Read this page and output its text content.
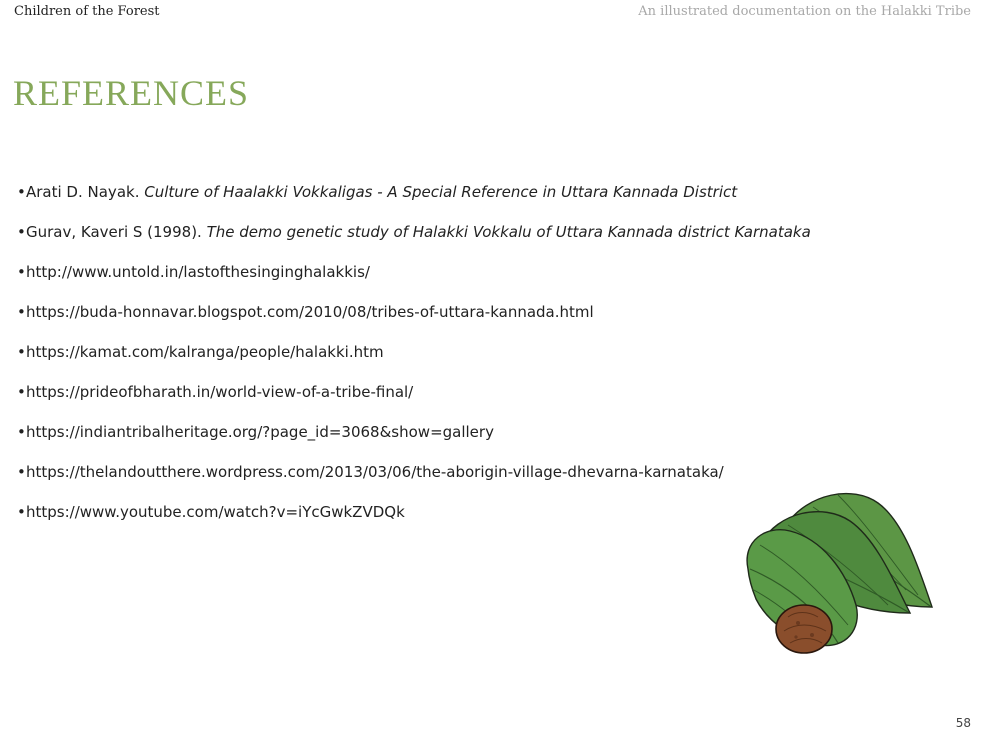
Children of the Forest	An illustrated documentation on the Halakki Tribe
REFERENCES
•Arati D. Nayak. Culture of Haalakki Vokkaligas - A Special Reference in Uttara Kannada District
•Gurav, Kaveri S (1998). The demo genetic study of Halakki Vokkalu of Uttara Kannada district Karnataka
•http://www.untold.in/lastofthesinginghalakkis/
•https://buda-honnavar.blogspot.com/2010/08/tribes-of-uttara-kannada.html
•https://kamat.com/kalranga/people/halakki.htm
•https://prideofbharath.in/world-view-of-a-tribe-final/
•https://indiantribalheritage.org/?page_id=3068&show=gallery
•https://thelandoutthere.wordpress.com/2013/03/06/the-aborigin-village-dhevarna-karnataka/
•https://www.youtube.com/watch?v=iYcGwkZVDQk
58
